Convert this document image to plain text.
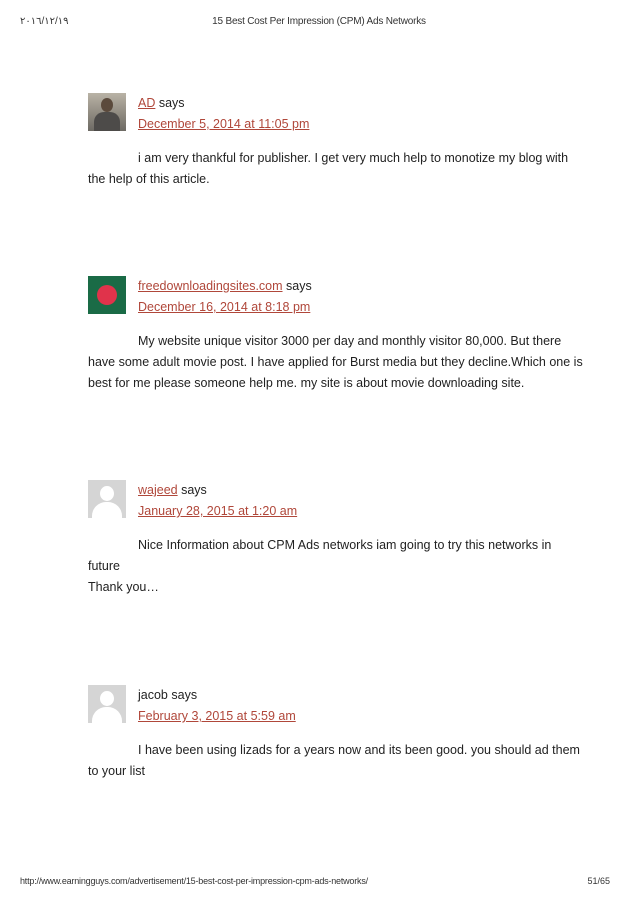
٢٠١٦/١٢/١٩	15 Best Cost Per Impression (CPM) Ads Networks
AD says
December 5, 2014 at 11:05 pm

i am very thankful for publisher. I get very much help to monotize my blog with

the help of this article.
freedownloadingsites.com says
December 16, 2014 at 8:18 pm

My website unique visitor 3000 per day and monthly visitor 80,000. But there

have some adult movie post. I have applied for Burst media but they decline.Which one is
best for me please someone help me. my site is about movie downloading site.
wajeed says
January 28, 2015 at 1:20 am

Nice Information about CPM Ads networks iam going to try this networks in

future
Thank you…
jacob says
February 3, 2015 at 5:59 am

I have been using lizads for a years now and its been good. you should ad them

to your list
http://www.earningguys.com/advertisement/15-best-cost-per-impression-cpm-ads-networks/	51/65
